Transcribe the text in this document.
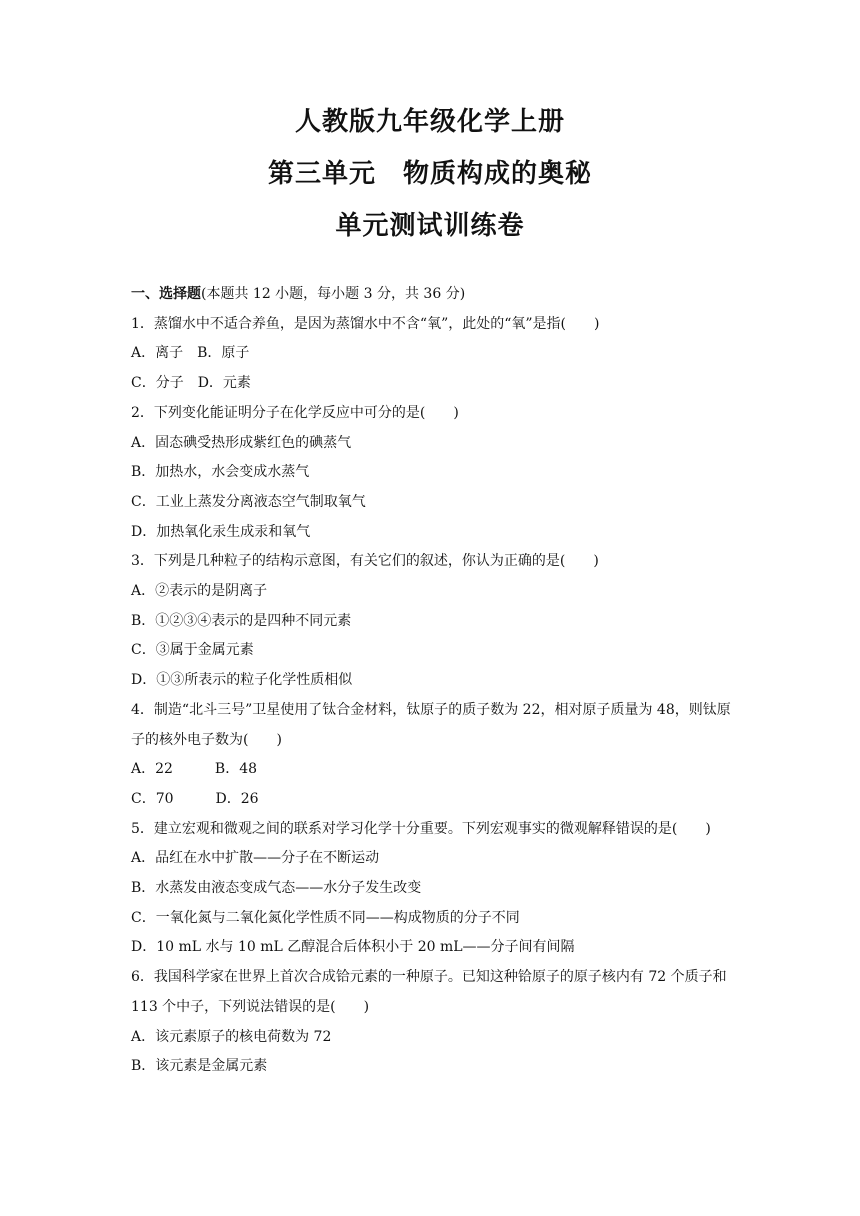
人教版九年级化学上册
第三单元　物质构成的奥秘
单元测试训练卷
一、选择题(本题共 12 小题，每小题 3 分，共 36 分)
1．蒸馏水中不适合养鱼，是因为蒸馏水中不含“氧”，此处的“氧”是指(　　)
A．离子　B．原子
C．分子　D．元素
2．下列变化能证明分子在化学反应中可分的是(　　)
A．固态碘受热形成紫红色的碘蒸气
B．加热水，水会变成水蒸气
C．工业上蒸发分离液态空气制取氧气
D．加热氧化汞生成汞和氧气
3．下列是几种粒子的结构示意图，有关它们的叙述，你认为正确的是(　　)
A．②表示的是阴离子
B．①②③④表示的是四种不同元素
C．③属于金属元素
D．①③所表示的粒子化学性质相似
4．制造“北斗三号”卫星使用了钛合金材料，钛原子的质子数为 22，相对原子质量为 48，则钛原子的核外电子数为(　　)
A．22　　　B．48
C．70　　　D．26
5．建立宏观和微观之间的联系对学习化学十分重要。下列宏观事实的微观解释错误的是(　　)
A．品红在水中扩散——分子在不断运动
B．水蒸发由液态变成气态——水分子发生改变
C．一氧化氮与二氧化氮化学性质不同——构成物质的分子不同
D．10 mL 水与 10 mL 乙醇混合后体积小于 20 mL——分子间有间隔
6．我国科学家在世界上首次合成铪元素的一种原子。已知这种铪原子的原子核内有 72 个质子和 113 个中子，下列说法错误的是(　　)
A．该元素原子的核电荷数为 72
B．该元素是金属元素
